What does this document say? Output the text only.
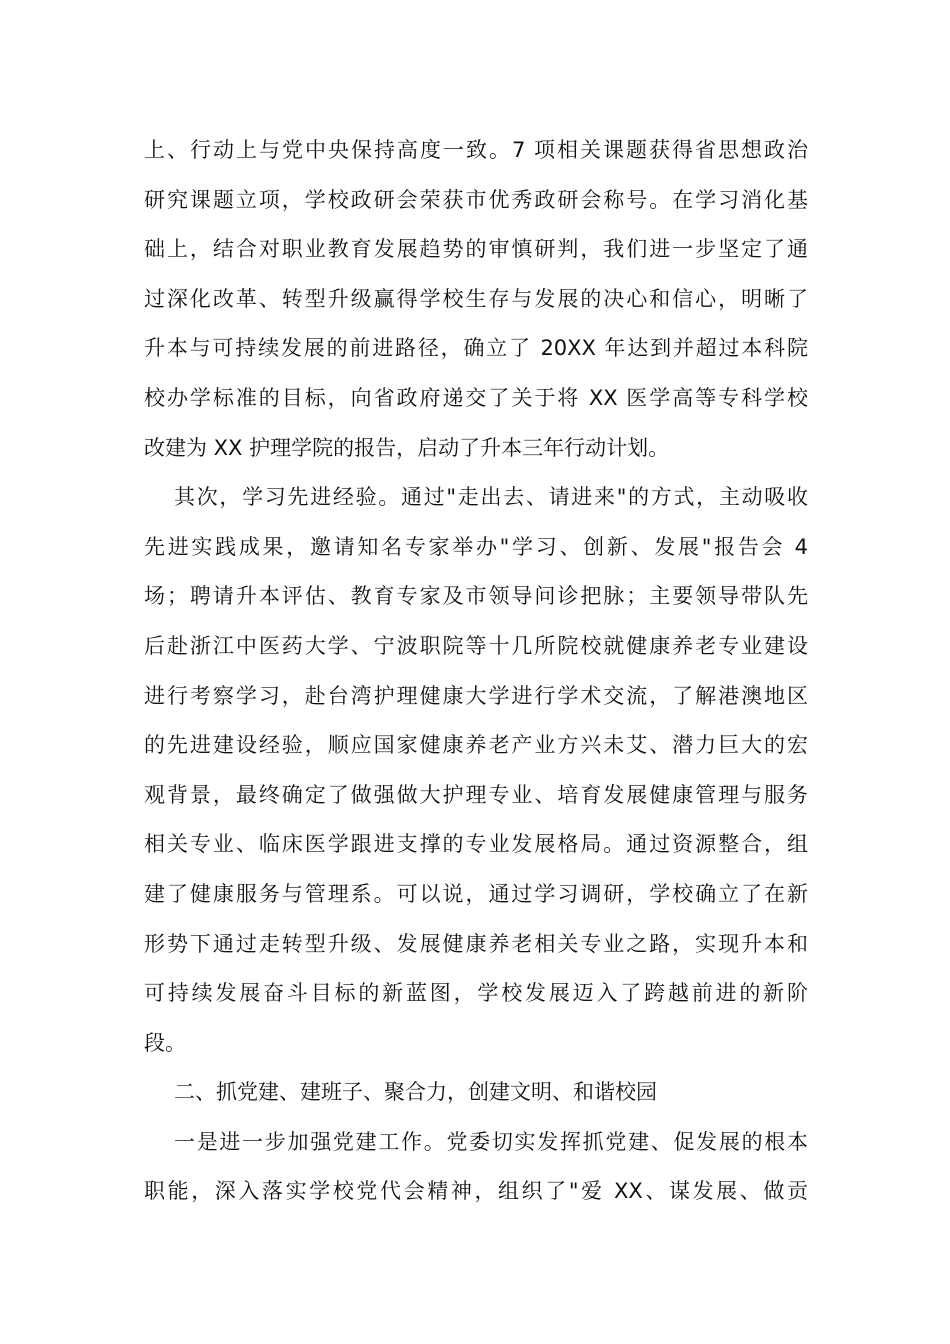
上、行动上与党中央保持高度一致。7 项相关课题获得省思想政治
研究课题立项，学校政研会荣获市优秀政研会称号。在学习消化基
础上，结合对职业教育发展趋势的审慎研判，我们进一步坚定了通
过深化改革、转型升级赢得学校生存与发展的决心和信心，明晰了
升本与可持续发展的前进路径，确立了 20XX 年达到并超过本科院
校办学标准的目标，向省政府递交了关于将 XX 医学高等专科学校
改建为 XX 护理学院的报告，启动了升本三年行动计划。
其次，学习先进经验。通过"走出去、请进来"的方式，主动吸收
先进实践成果，邀请知名专家举办"学习、创新、发展"报告会 4
场；聘请升本评估、教育专家及市领导问诊把脉；主要领导带队先
后赴浙江中医药大学、宁波职院等十几所院校就健康养老专业建设
进行考察学习，赴台湾护理健康大学进行学术交流，了解港澳地区
的先进建设经验，顺应国家健康养老产业方兴未艾、潜力巨大的宏
观背景，最终确定了做强做大护理专业、培育发展健康管理与服务
相关专业、临床医学跟进支撑的专业发展格局。通过资源整合，组
建了健康服务与管理系。可以说，通过学习调研，学校确立了在新
形势下通过走转型升级、发展健康养老相关专业之路，实现升本和
可持续发展奋斗目标的新蓝图，学校发展迈入了跨越前进的新阶
段。
二、抓党建、建班子、聚合力，创建文明、和谐校园
一是进一步加强党建工作。党委切实发挥抓党建、促发展的根本
职能，深入落实学校党代会精神，组织了"爱 XX、谋发展、做贡
